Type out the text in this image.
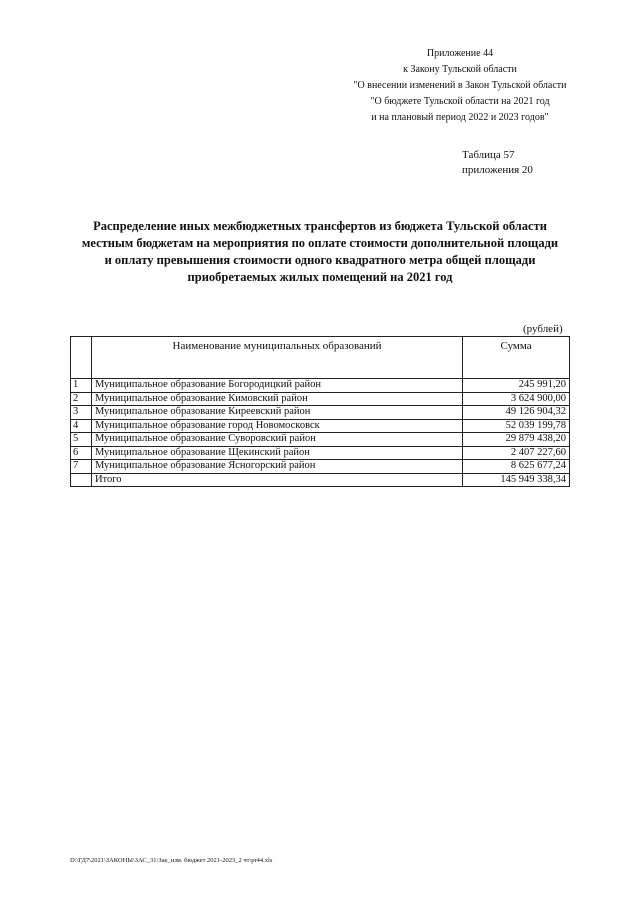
Приложение 44
к Закону Тульской области
"О внесении изменений в Закон Тульской области
"О бюджете Тульской области на 2021 год
и на плановый период 2022 и 2023 годов"
Таблица 57
приложения 20
Распределение иных межбюджетных трансфертов из бюджета Тульской области
местным бюджетам на мероприятия по оплате стоимости дополнительной площади
и оплату превышения стоимости одного квадратного метра общей площади
приобретаемых жилых помещений на 2021 год
(рублей)
	Наименование муниципальных образований	Сумма
1	Муниципальное образование Богородицкий район	245 991,20
2	Муниципальное образование Кимовский район	3 624 900,00
3	Муниципальное образование Киреевский район	49 126 904,32
4	Муниципальное образование город Новомосковск	52 039 199,78
5	Муниципальное образование Суворовский район	29 879 438,20
6	Муниципальное образование Щекинский район	2 407 227,60
7	Муниципальное образование Ясногорский район	8 625 677,24
	Итого	145 949 338,34
D:\ГД7\2021\ЗАКОНЫ\ЗАС_31\Зак_изм. бюджет 2021-2023_2 чт\pr44.xls
